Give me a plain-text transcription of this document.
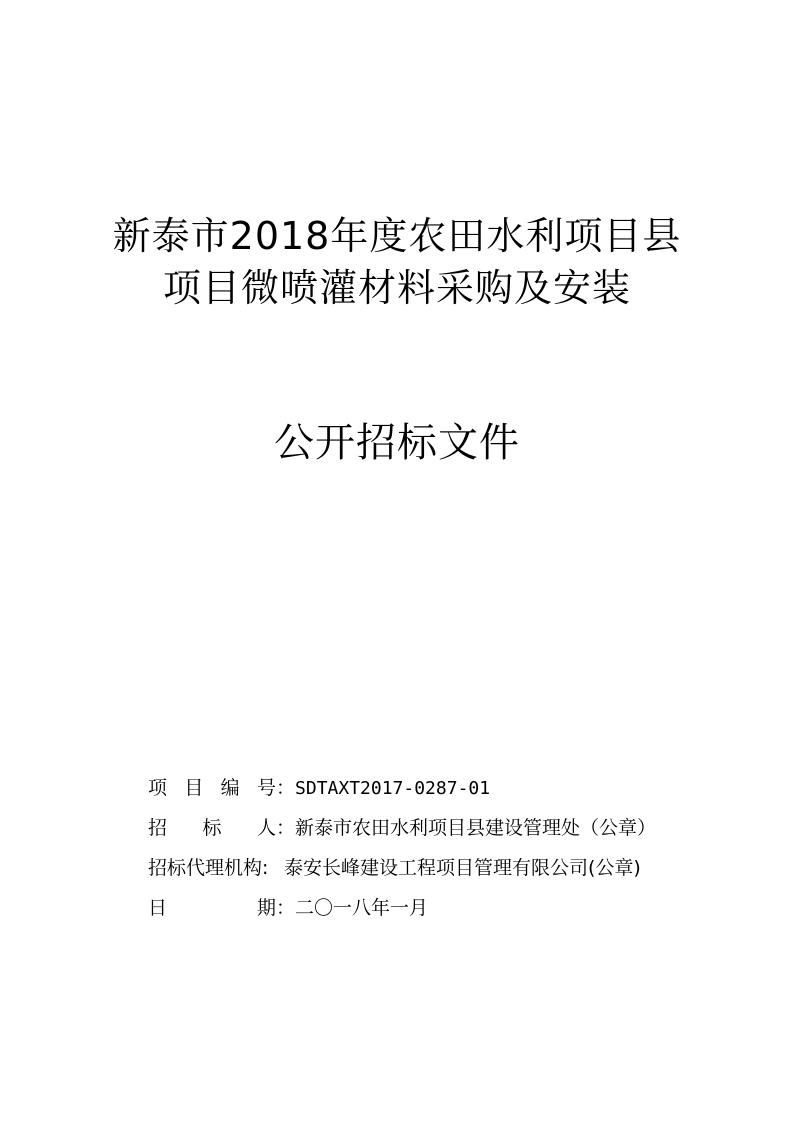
新泰市2018年度农田水利项目县
项目微喷灌材料采购及安装
公开招标文件
项 目 编 号 ： SDTAXT2017-0287-01
招 标 人 ： 新泰市农田水利项目县建设管理处（公章）
招标代理机构 : 泰安长峰建设工程项目管理有限公司(公章)
日	期 ： 二〇一八年一月
